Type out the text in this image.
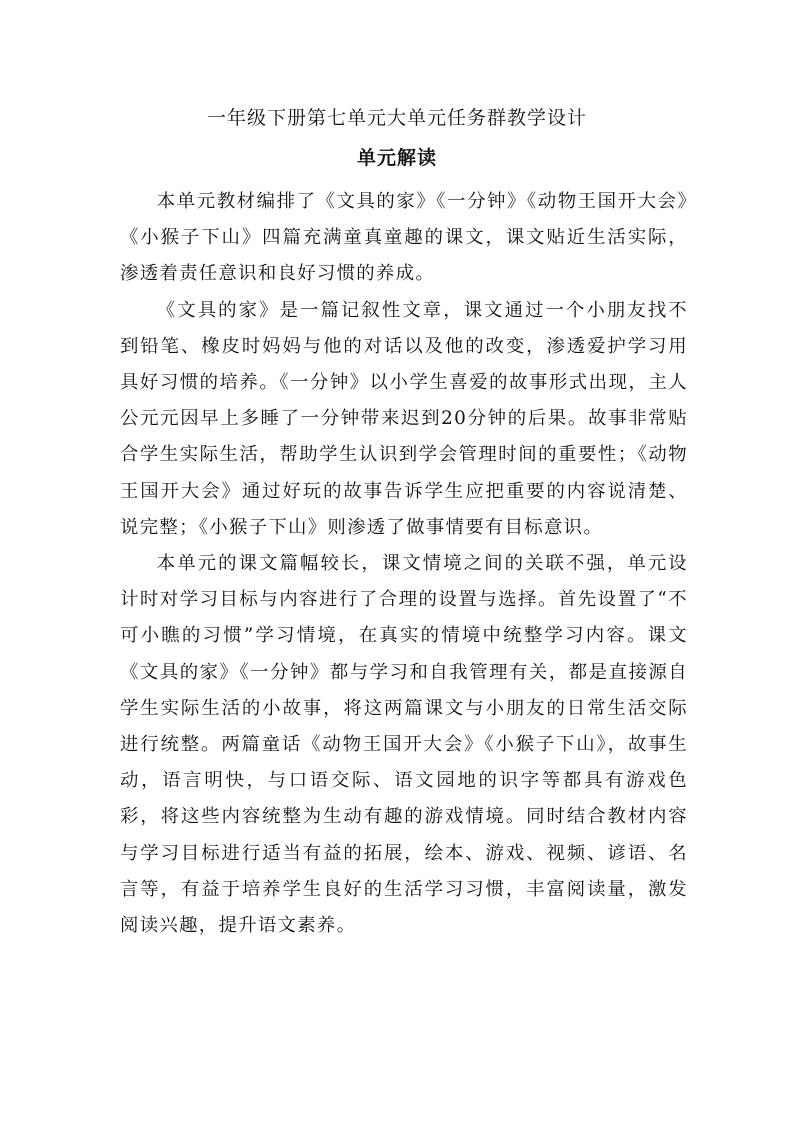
一年级下册第七单元大单元任务群教学设计
单元解读

本单元教材编排了《文具的家》《一分钟》《动物王国开大会》《小猴子下山》四篇充满童真童趣的课文，课文贴近生活实际，渗透着责任意识和良好习惯的养成。

《文具的家》是一篇记叙性文章，课文通过一个小朋友找不到铅笔、橡皮时妈妈与他的对话以及他的改变，渗透爱护学习用具好习惯的培养。《一分钟》以小学生喜爱的故事形式出现，主人公元元因早上多睡了一分钟带来迟到20分钟的后果。故事非常贴合学生实际生活，帮助学生认识到学会管理时间的重要性；《动物王国开大会》通过好玩的故事告诉学生应把重要的内容说清楚、说完整；《小猴子下山》则渗透了做事情要有目标意识。

本单元的课文篇幅较长，课文情境之间的关联不强，单元设计时对学习目标与内容进行了合理的设置与选择。首先设置了“不可小瞧的习惯”学习情境，在真实的情境中统整学习内容。课文《文具的家》《一分钟》都与学习和自我管理有关，都是直接源自学生实际生活的小故事，将这两篇课文与小朋友的日常生活交际进行统整。两篇童话《动物王国开大会》《小猴子下山》，故事生动，语言明快，与口语交际、语文园地的识字等都具有游戏色彩，将这些内容统整为生动有趣的游戏情境。同时结合教材内容与学习目标进行适当有益的拓展，绘本、游戏、视频、谚语、名言等，有益于培养学生良好的生活学习习惯，丰富阅读量，激发阅读兴趣，提升语文素养。
